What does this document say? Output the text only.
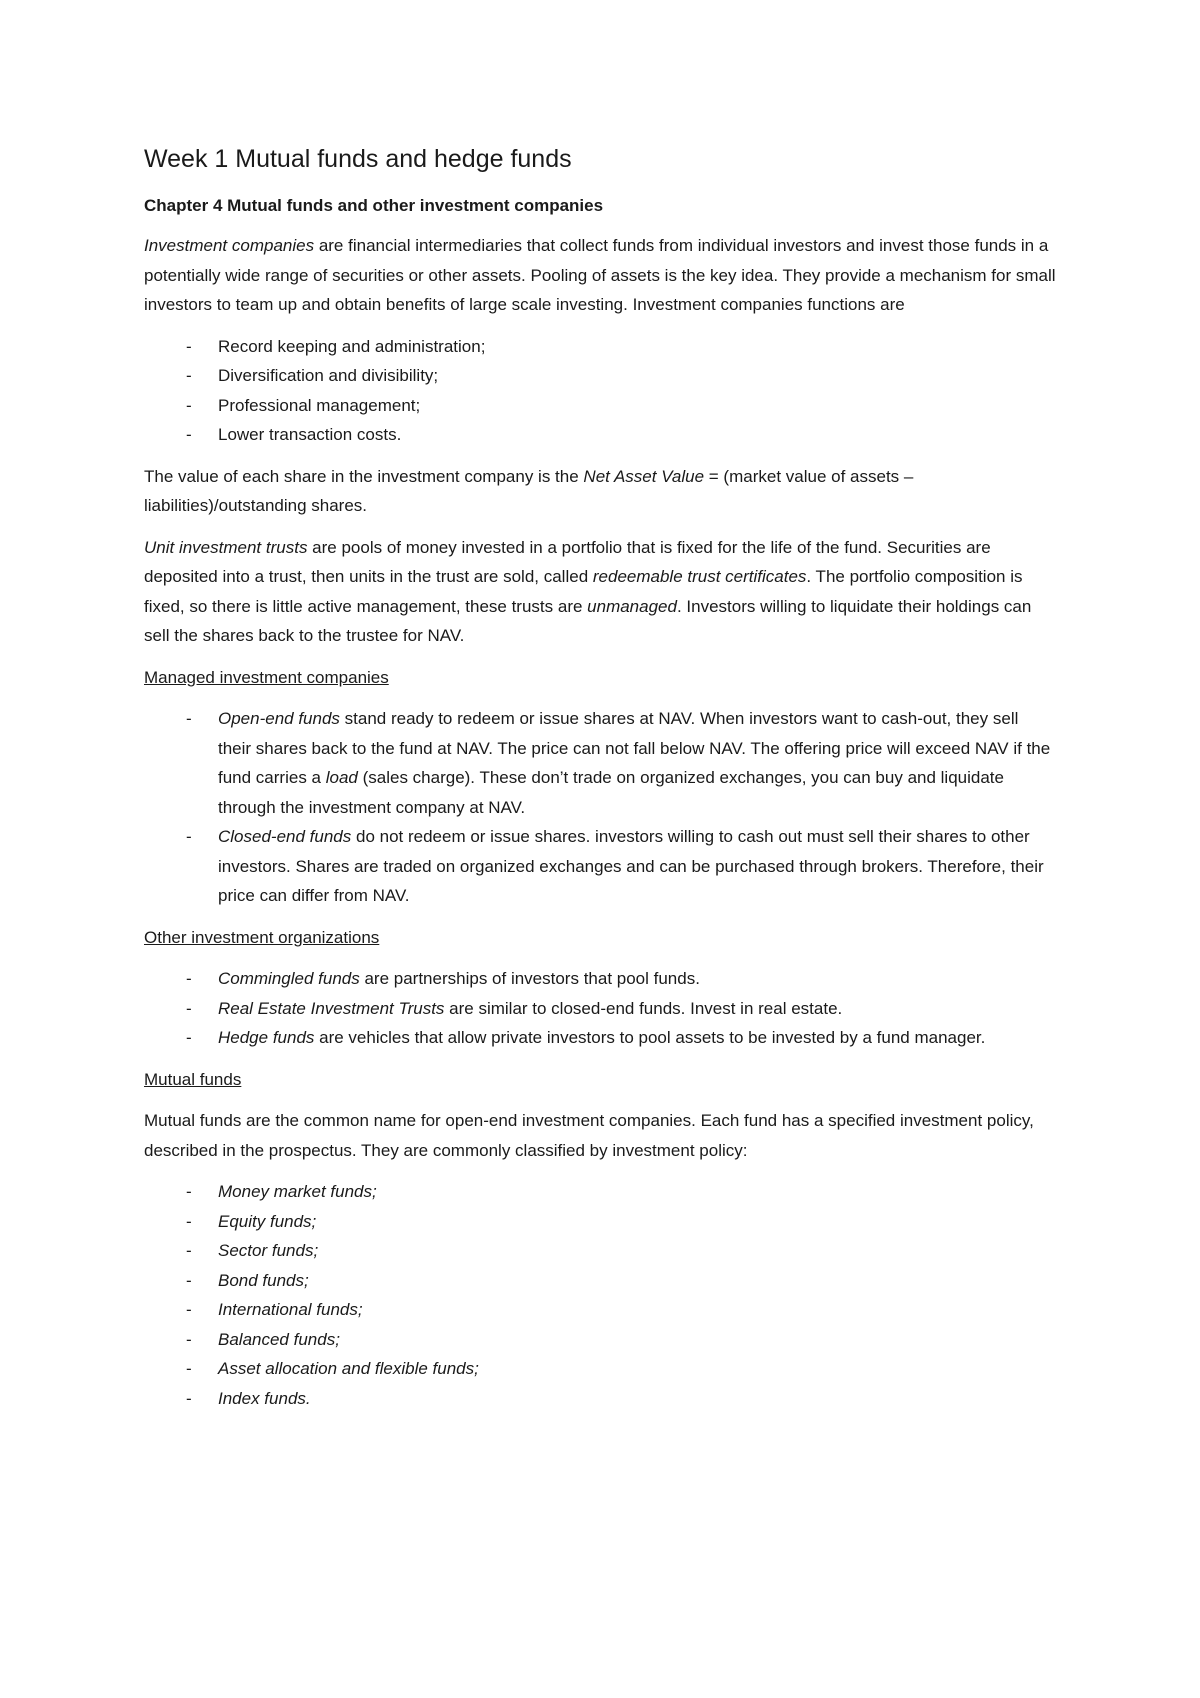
Week 1 Mutual funds and hedge funds

Chapter 4 Mutual funds and other investment companies

Investment companies are financial intermediaries that collect funds from individual investors and invest those funds in a potentially wide range of securities or other assets. Pooling of assets is the key idea. They provide a mechanism for small investors to team up and obtain benefits of large scale investing. Investment companies functions are

- Record keeping and administration;
- Diversification and divisibility;
- Professional management;
- Lower transaction costs.

The value of each share in the investment company is the Net Asset Value = (market value of assets – liabilities)/outstanding shares.

Unit investment trusts are pools of money invested in a portfolio that is fixed for the life of the fund. Securities are deposited into a trust, then units in the trust are sold, called redeemable trust certificates. The portfolio composition is fixed, so there is little active management, these trusts are unmanaged. Investors willing to liquidate their holdings can sell the shares back to the trustee for NAV.

Managed investment companies

- Open-end funds stand ready to redeem or issue shares at NAV. When investors want to cash-out, they sell their shares back to the fund at NAV. The price can not fall below NAV. The offering price will exceed NAV if the fund carries a load (sales charge). These don’t trade on organized exchanges, you can buy and liquidate through the investment company at NAV.
- Closed-end funds do not redeem or issue shares. investors willing to cash out must sell their shares to other investors. Shares are traded on organized exchanges and can be purchased through brokers. Therefore, their price can differ from NAV.

Other investment organizations

- Commingled funds are partnerships of investors that pool funds.
- Real Estate Investment Trusts are similar to closed-end funds. Invest in real estate.
- Hedge funds are vehicles that allow private investors to pool assets to be invested by a fund manager.

Mutual funds

Mutual funds are the common name for open-end investment companies. Each fund has a specified investment policy, described in the prospectus. They are commonly classified by investment policy:

- Money market funds;
- Equity funds;
- Sector funds;
- Bond funds;
- International funds;
- Balanced funds;
- Asset allocation and flexible funds;
- Index funds.
